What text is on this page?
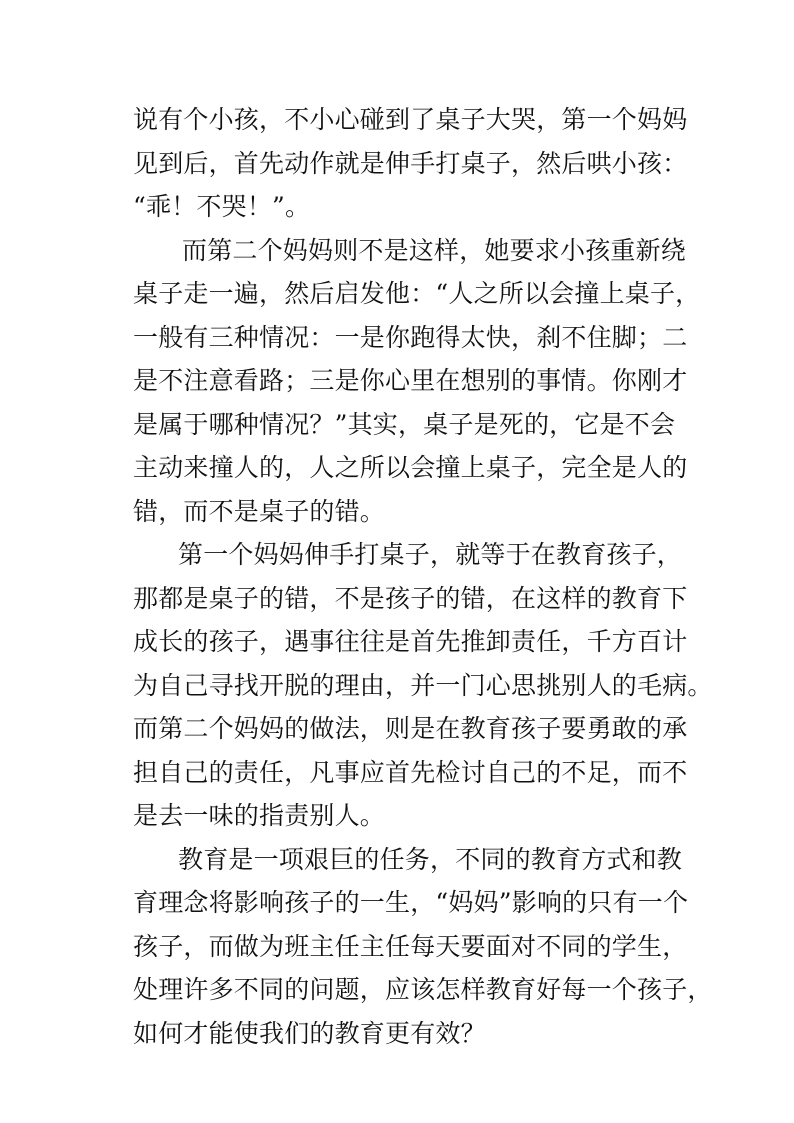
说有个小孩，不小心碰到了桌子大哭，第一个妈妈
见到后，首先动作就是伸手打桌子，然后哄小孩：
“乖！不哭！”。
而第二个妈妈则不是这样，她要求小孩重新绕
桌子走一遍，然后启发他：“人之所以会撞上桌子，
一般有三种情况：一是你跑得太快，刹不住脚；二
是不注意看路；三是你心里在想别的事情。你刚才
是属于哪种情况？”其实，桌子是死的，它是不会
主动来撞人的，人之所以会撞上桌子，完全是人的
错，而不是桌子的错。
第一个妈妈伸手打桌子，就等于在教育孩子，
那都是桌子的错，不是孩子的错，在这样的教育下
成长的孩子，遇事往往是首先推卸责任，千方百计
为自己寻找开脱的理由，并一门心思挑别人的毛病。
而第二个妈妈的做法，则是在教育孩子要勇敢的承
担自己的责任，凡事应首先检讨自己的不足，而不
是去一味的指责别人。
教育是一项艰巨的任务，不同的教育方式和教
育理念将影响孩子的一生，“妈妈”影响的只有一个
孩子，而做为班主任主任每天要面对不同的学生，
处理许多不同的问题，应该怎样教育好每一个孩子，
如何才能使我们的教育更有效？
